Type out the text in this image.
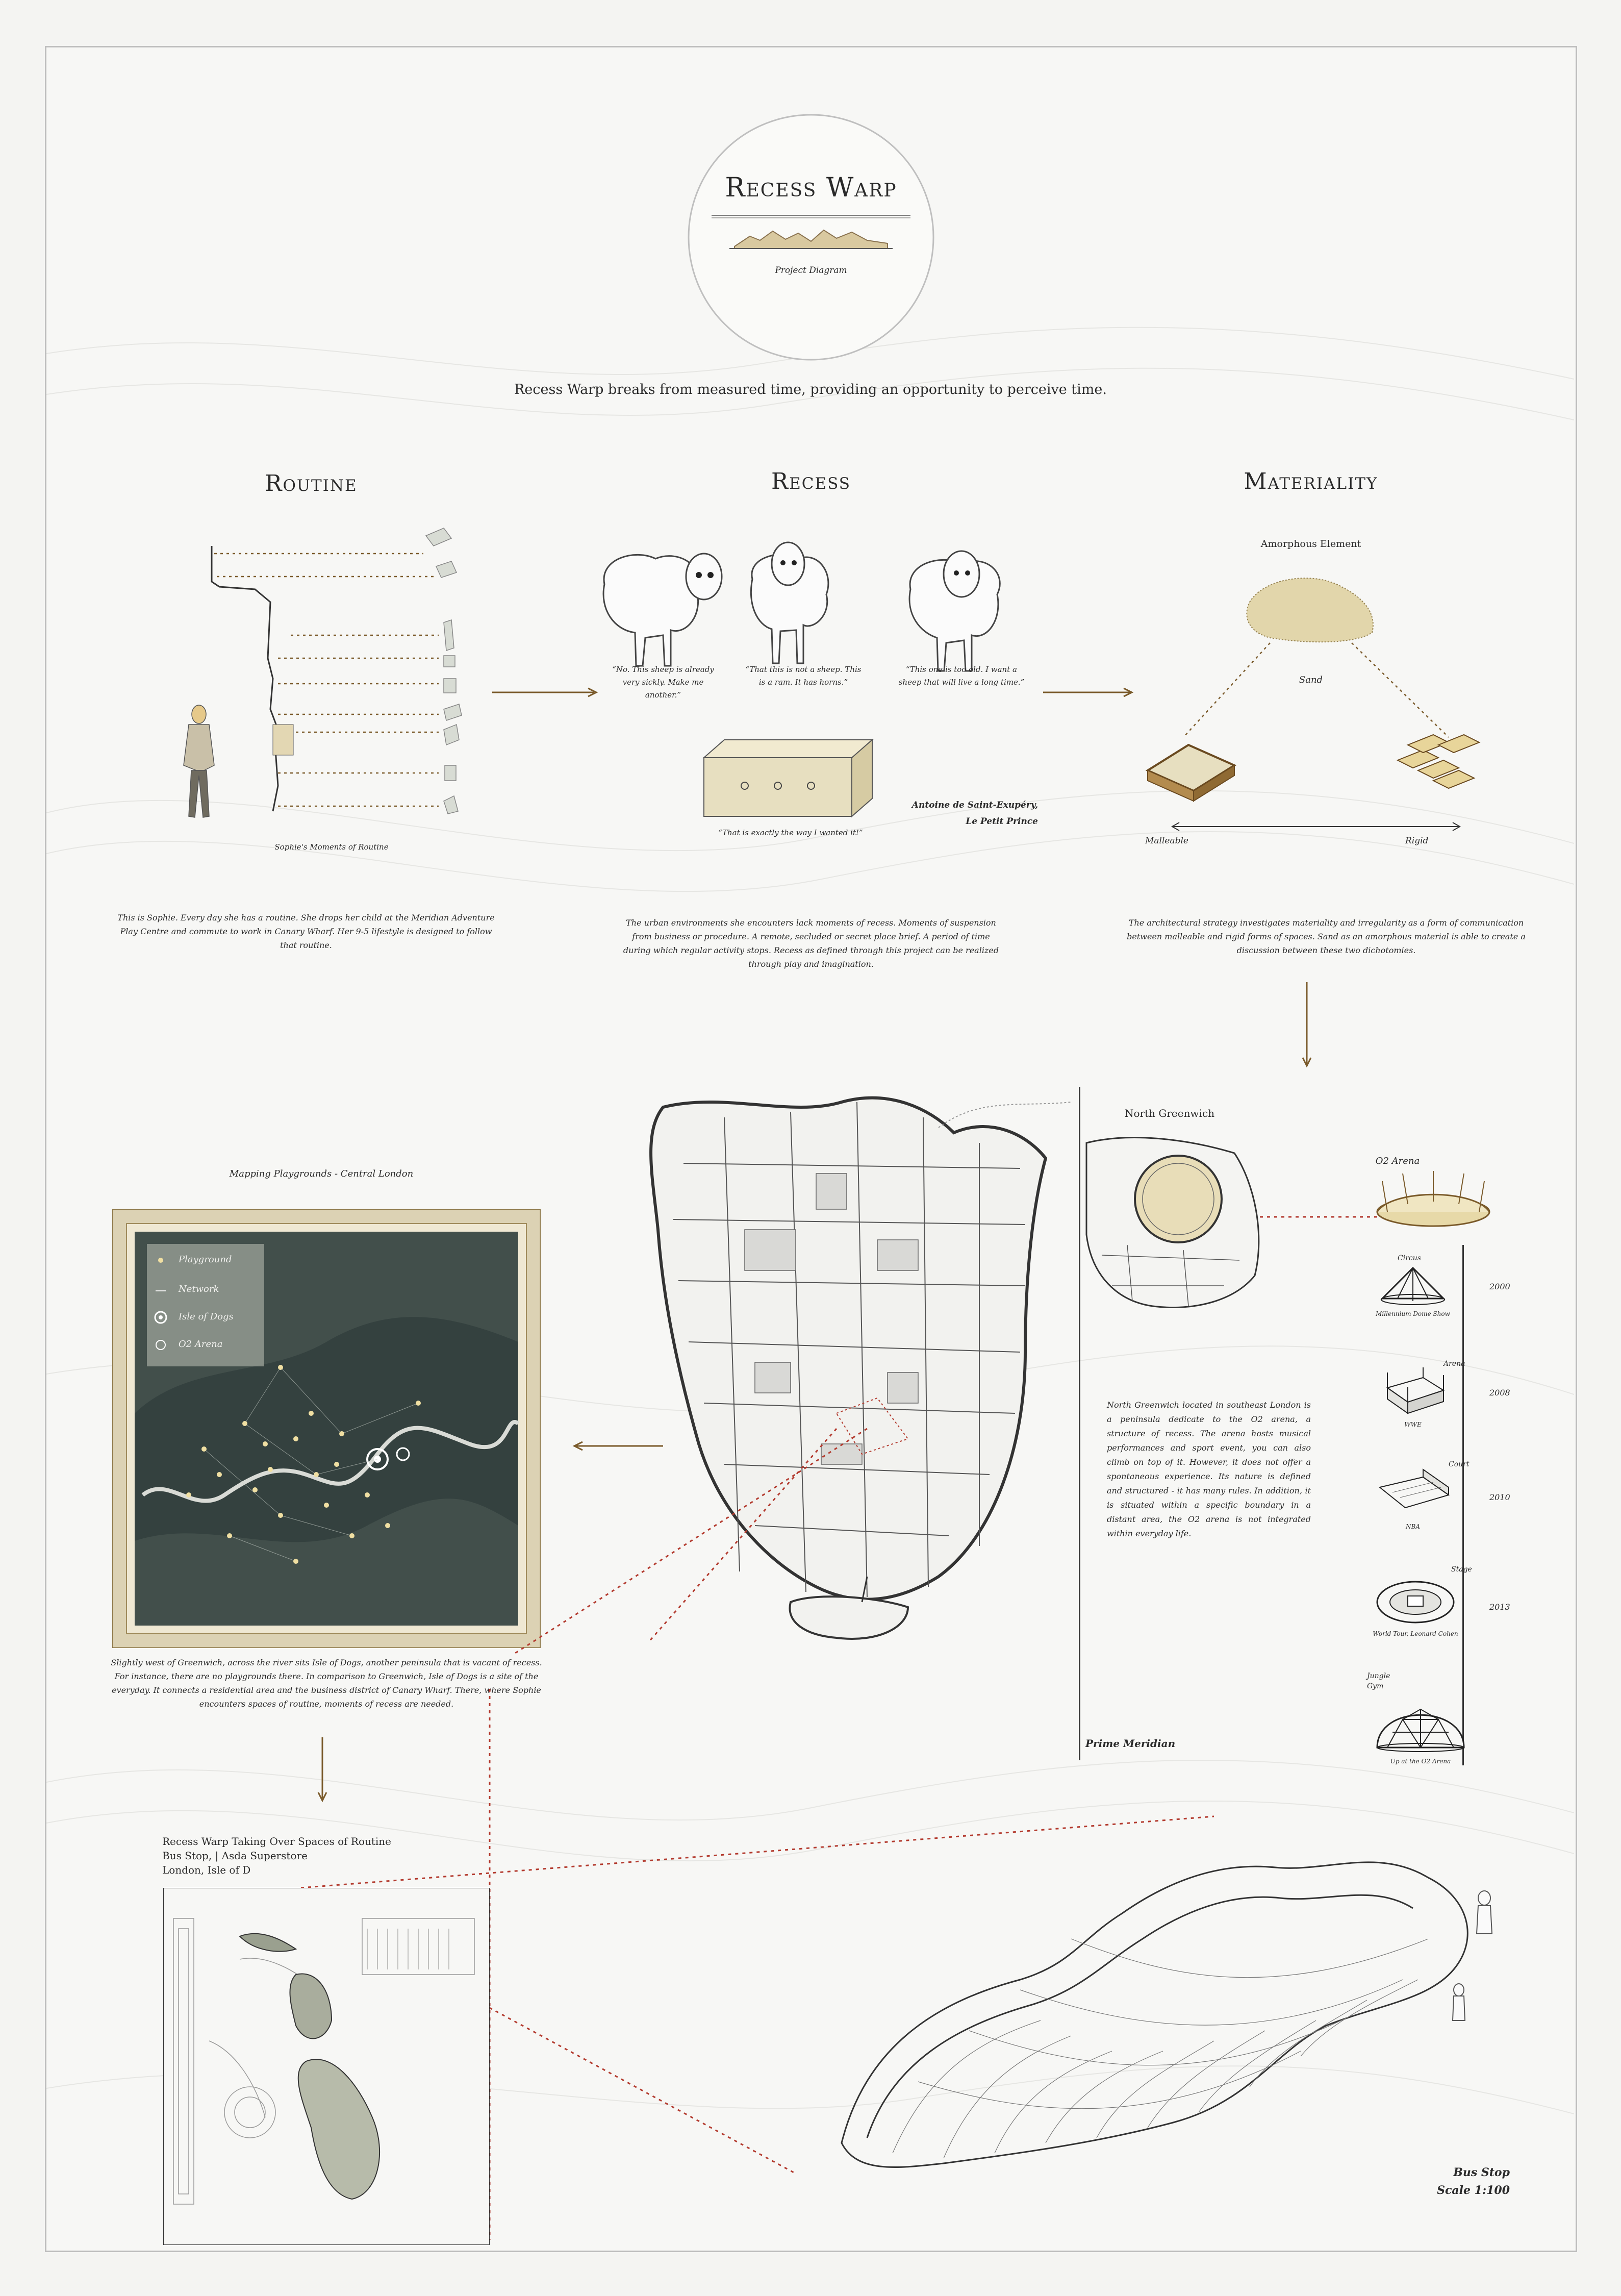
Recess Warp
Project Diagram
Recess Warp breaks from measured time, providing an opportunity to perceive time.
Routine	Recess	Materiality
Sophie's Moments of Routine
“No. This sheep is already very sickly. Make me another.”
“That this is not a sheep. This is a ram. It has horns.”
“This one is too old. I want a sheep that will live a long time.”
“That is exactly the way I wanted it!”
Antoine de Saint-Exupéry,
Le Petit Prince
Amorphous Element
Sand
Malleable	Rigid
This is Sophie. Every day she has a routine. She drops her child at the Meridian Adventure Play Centre and commute to work in Canary Wharf. Her 9-5 lifestyle is designed to follow that routine.
The urban environments she encounters lack moments of recess. Moments of suspension from business or procedure. A remote, secluded or secret place brief. A period of time during which regular activity stops. Recess as defined through this project can be realized through play and imagination.
The architectural strategy investigates materiality and irregularity as a form of communication between malleable and rigid forms of spaces. Sand as an amorphous material is able to create a discussion between these two dichotomies.
Mapping Playgrounds - Central London
Playground
Network
Isle of Dogs
O2 Arena
Slightly west of Greenwich, across the river sits Isle of Dogs, another peninsula that is vacant of recess. For instance, there are no playgrounds there. In comparison to Greenwich, Isle of Dogs is a site of the everyday. It connects a residential area and the business district of Canary Wharf. There, where Sophie encounters spaces of routine, moments of recess are needed.
North Greenwich
North Greenwich located in southeast London is a peninsula dedicate to the O2 arena, a structure of recess. The arena hosts musical performances and sport event, you can also climb on top of it. However, it does not offer a spontaneous experience. Its nature is defined and structured - it has many rules. In addition, it is situated within a specific boundary in a distant area, the O2 arena is not integrated within everyday life.
Prime Meridian
O2 Arena
Circus
Millennium Dome Show
2000
Arena
WWE
2008
Court
NBA
2010
Stage
World Tour, Leonard Cohen
2013
Jungle Gym
Up at the O2 Arena
Recess Warp Taking Over Spaces of Routine
Bus Stop, | Asda Superstore
London, Isle of D
Bus Stop
Scale 1:100
